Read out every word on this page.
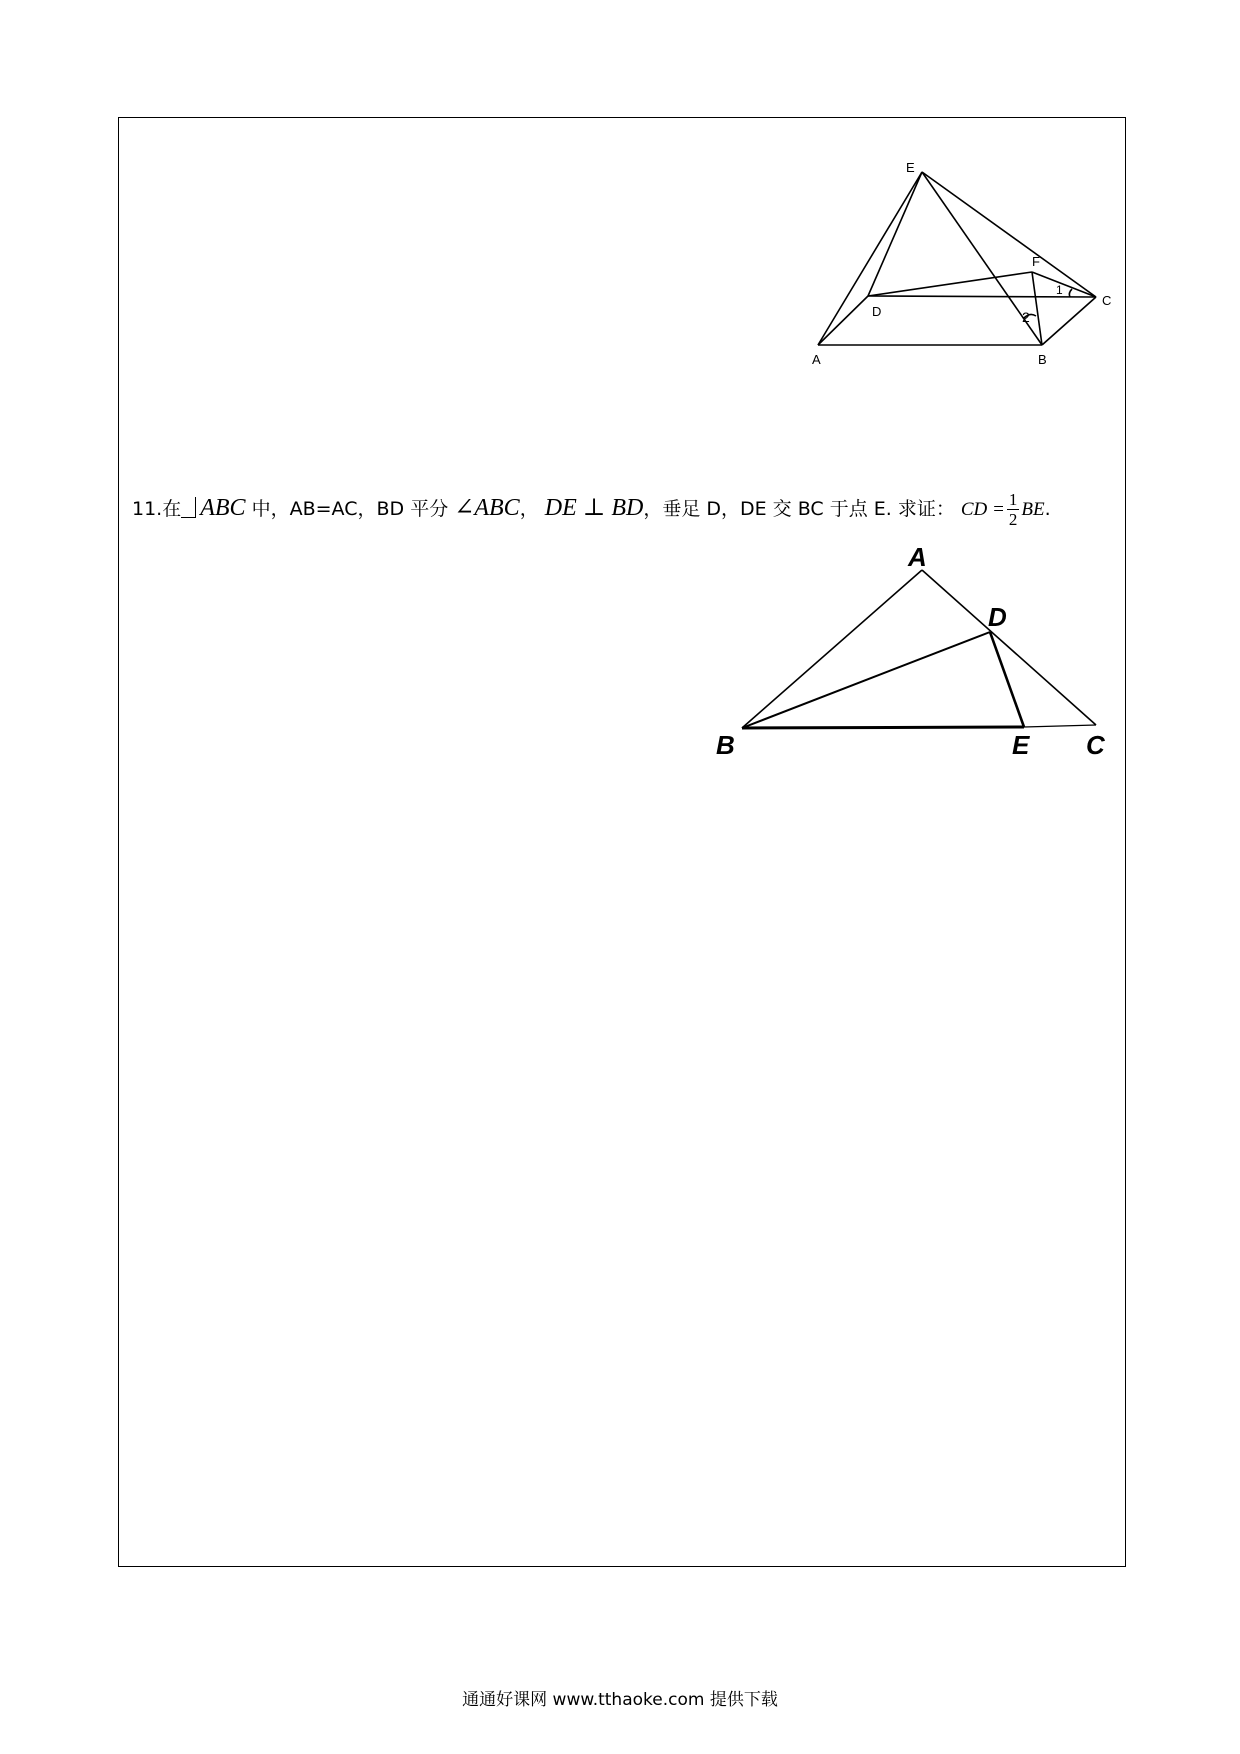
E
F
D
C
A	B
1
2
11.在 ABC 中，AB=AC，BD 平分 ∠ABC， DE ⊥ BD，垂足 D，DE 交 BC 于点 E. 求证： CD = $\frac{1}{2}$ BE.
A
D
B	E C
通通好课网 www.tthaoke.com 提供下载
